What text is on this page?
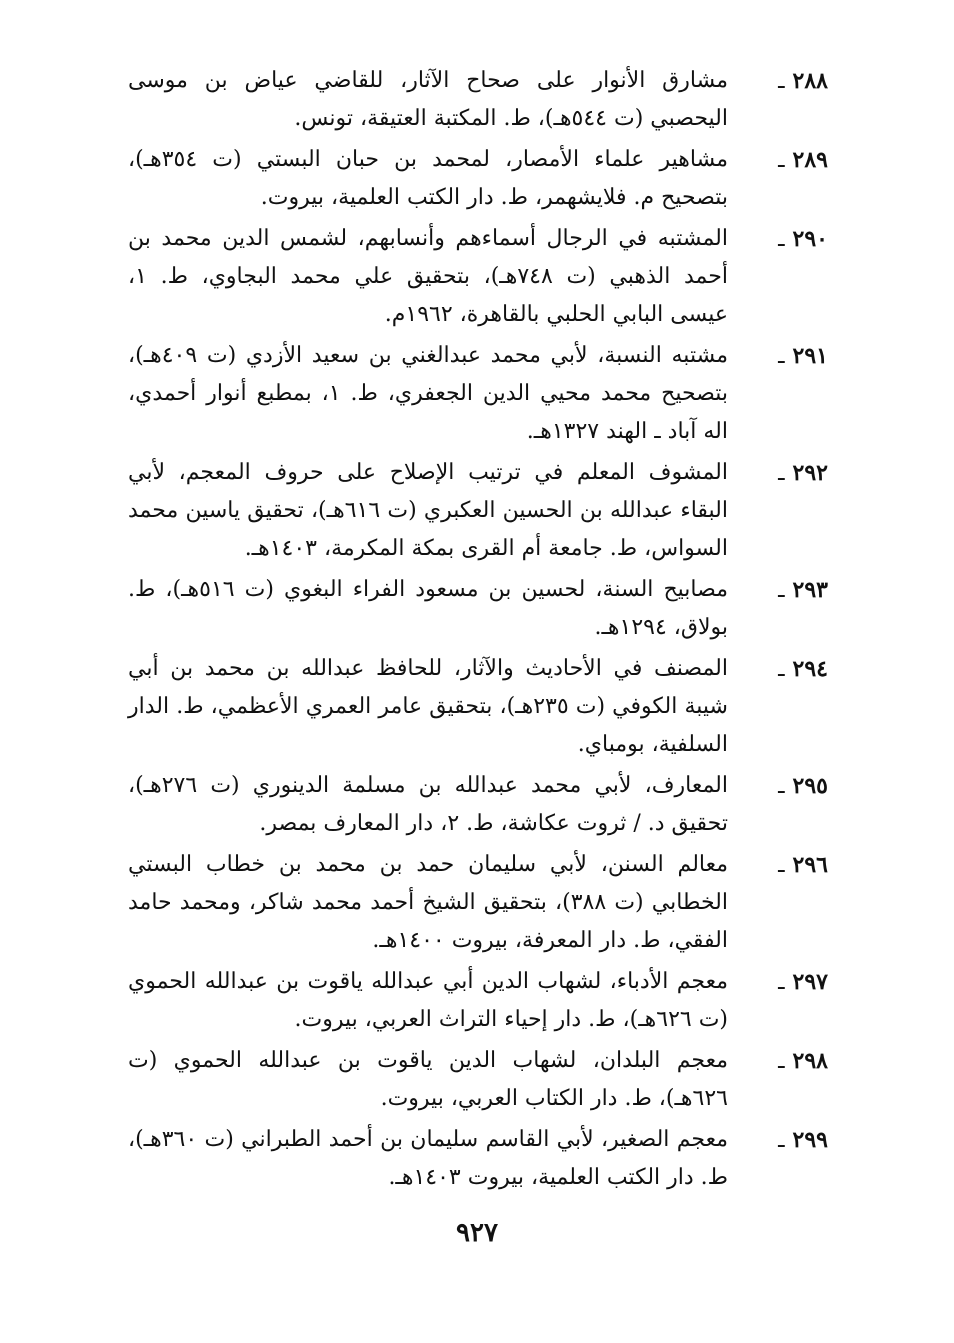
٢٨٨ـ
مشارق الأنوار على صحاح الآثار، للقاضي عياض بن موسى اليحصبي (ت ٥٤٤هـ)، ط. المكتبة العتيقة، تونس.
٢٨٩ـ
مشاهير علماء الأمصار، لمحمد بن حبان البستي (ت ٣٥٤هـ)، بتصحيح م. فلايشهمر، ط. دار الكتب العلمية، بيروت.
٢٩٠ـ
المشتبه في الرجال أسماءهم وأنسابهم، لشمس الدين محمد بن أحمد الذهبي (ت ٧٤٨هـ)، بتحقيق علي محمد البجاوي، ط. ١، عيسى البابي الحلبي بالقاهرة، ١٩٦٢م.
٢٩١ـ
مشتبه النسبة، لأبي محمد عبدالغني بن سعيد الأزدي (ت ٤٠٩هـ)، بتصحيح محمد محيي الدين الجعفري، ط. ١، بمطبع أنوار أحمدي، اله آباد ـ الهند ١٣٢٧هـ.
٢٩٢ـ
المشوف المعلم في ترتيب الإصلاح على حروف المعجم، لأبي البقاء عبدالله بن الحسين العكبري (ت ٦١٦هـ)، تحقيق ياسين محمد السواس، ط. جامعة أم القرى بمكة المكرمة، ١٤٠٣هـ.
٢٩٣ـ
مصابيح السنة، لحسين بن مسعود الفراء البغوي (ت ٥١٦هـ)، ط. بولاق، ١٢٩٤هـ.
٢٩٤ـ
المصنف في الأحاديث والآثار، للحافظ عبدالله بن محمد بن أبي شيبة الكوفي (ت ٢٣٥هـ)، بتحقيق عامر العمري الأعظمي، ط. الدار السلفية، بومباي.
٢٩٥ـ
المعارف، لأبي محمد عبدالله بن مسلمة الدينوري (ت ٢٧٦هـ)، تحقيق د. / ثروت عكاشة، ط. ٢، دار المعارف بمصر.
٢٩٦ـ
معالم السنن، لأبي سليمان حمد بن محمد بن خطاب البستي الخطابي (ت ٣٨٨)، بتحقيق الشيخ أحمد محمد شاكر، ومحمد حامد الفقي، ط. دار المعرفة، بيروت ١٤٠٠هـ.
٢٩٧ـ
معجم الأدباء، لشهاب الدين أبي عبدالله ياقوت بن عبدالله الحموي (ت ٦٢٦هـ)، ط. دار إحياء التراث العربي، بيروت.
٢٩٨ـ
معجم البلدان، لشهاب الدين ياقوت بن عبدالله الحموي (ت ٦٢٦هـ)، ط. دار الكتاب العربي، بيروت.
٢٩٩ـ
معجم الصغير، لأبي القاسم سليمان بن أحمد الطبراني (ت ٣٦٠هـ)، ط. دار الكتب العلمية، بيروت ١٤٠٣هـ.
٩٢٧
